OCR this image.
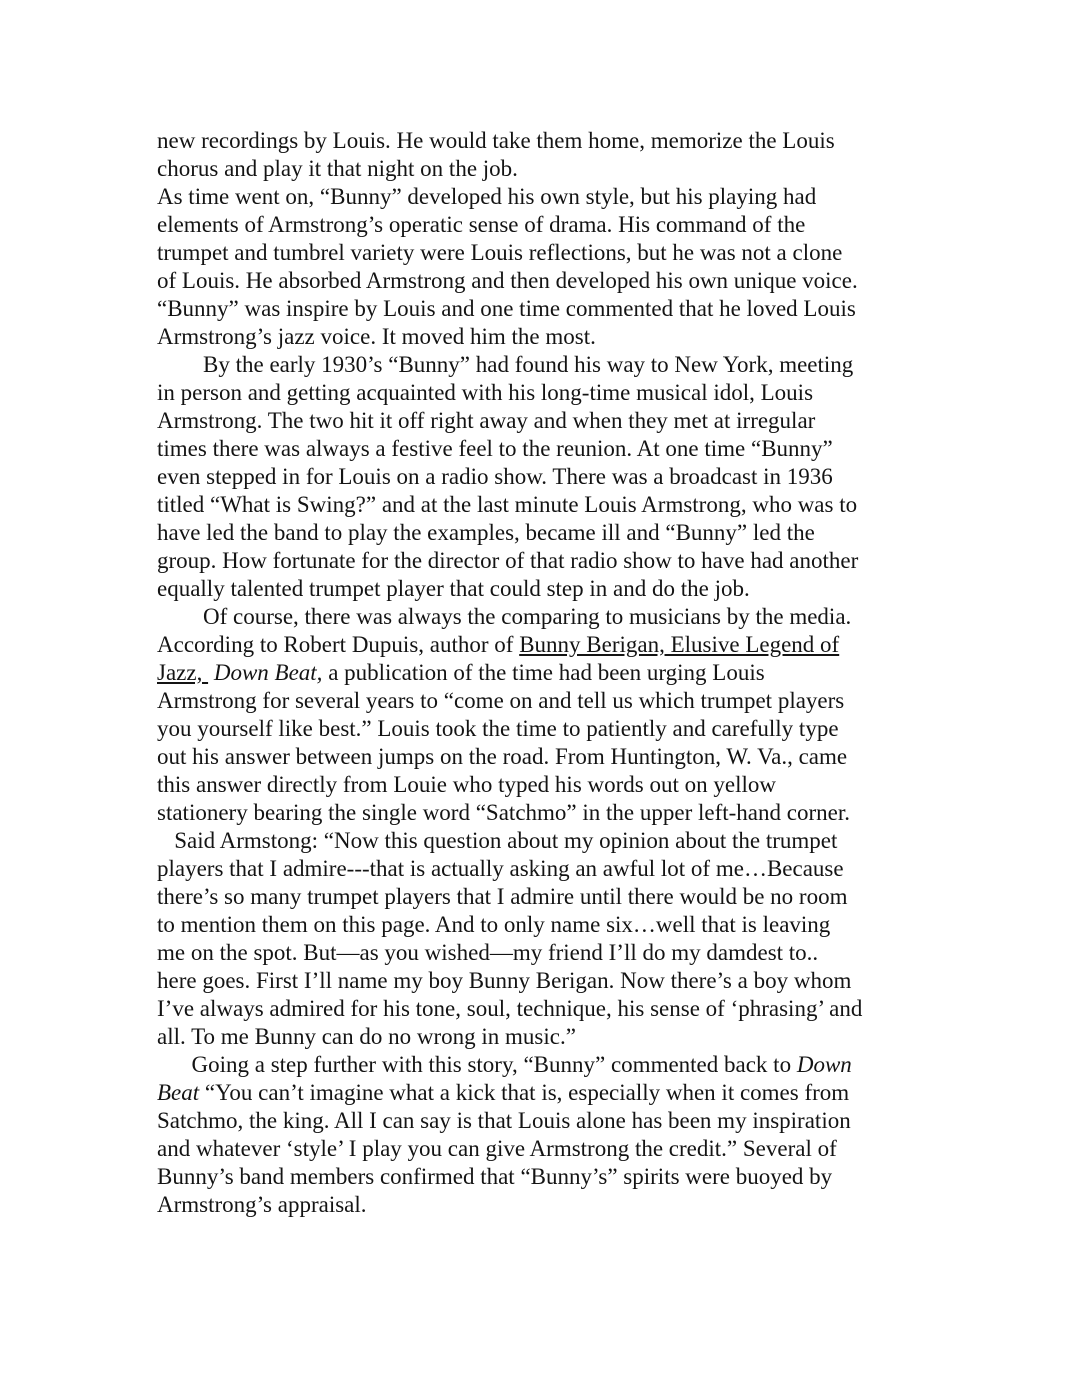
new recordings by Louis. He would take them home, memorize the Louis
chorus and play it that night on the job.
As time went on, “Bunny” developed his own style, but his playing had
elements of Armstrong’s operatic sense of drama. His command of the
trumpet and tumbrel variety were Louis reflections, but he was not a clone
of Louis. He absorbed Armstrong and then developed his own unique voice.
“Bunny” was inspire by Louis and one time commented that he loved Louis
Armstrong’s jazz voice. It moved him the most.
By the early 1930’s “Bunny” had found his way to New York, meeting
in person and getting acquainted with his long-time musical idol, Louis
Armstrong. The two hit it off right away and when they met at irregular
times there was always a festive feel to the reunion. At one time “Bunny”
even stepped in for Louis on a radio show. There was a broadcast in 1936
titled “What is Swing?” and at the last minute Louis Armstrong, who was to
have led the band to play the examples, became ill and “Bunny” led the
group. How fortunate for the director of that radio show to have had another
equally talented trumpet player that could step in and do the job.
Of course, there was always the comparing to musicians by the media.
According to Robert Dupuis, author of Bunny Berigan, Elusive Legend of
Jazz,  Down Beat, a publication of the time had been urging Louis
Armstrong for several years to “come on and tell us which trumpet players
you yourself like best.” Louis took the time to patiently and carefully type
out his answer between jumps on the road. From Huntington, W. Va., came
this answer directly from Louie who typed his words out on yellow
stationery bearing the single word “Satchmo” in the upper left-hand corner.
Said Armstong: “Now this question about my opinion about the trumpet
players that I admire---that is actually asking an awful lot of me…Because
there’s so many trumpet players that I admire until there would be no room
to mention them on this page. And to only name six…well that is leaving
me on the spot. But—as you wished—my friend I’ll do my damdest to..
here goes. First I’ll name my boy Bunny Berigan. Now there’s a boy whom
I’ve always admired for his tone, soul, technique, his sense of ‘phrasing’ and
all. To me Bunny can do no wrong in music.”
Going a step further with this story, “Bunny” commented back to Down
Beat “You can’t imagine what a kick that is, especially when it comes from
Satchmo, the king. All I can say is that Louis alone has been my inspiration
and whatever ‘style’ I play you can give Armstrong the credit.” Several of
Bunny’s band members confirmed that “Bunny’s” spirits were buoyed by
Armstrong’s appraisal.
